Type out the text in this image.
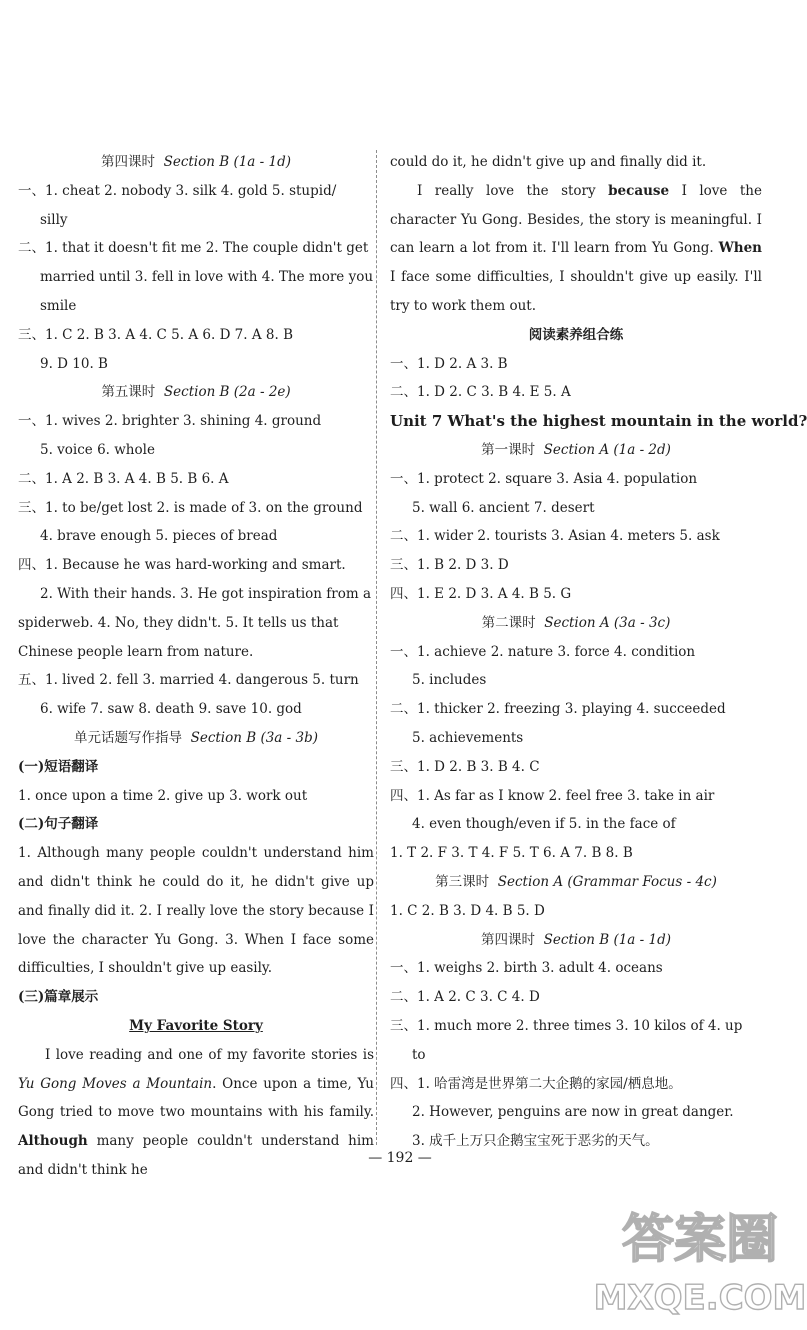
第四课时 Section B (1a - 1d)
一、1. cheat 2. nobody 3. silk 4. gold 5. stupid/
silly
二、1. that it doesn't fit me 2. The couple didn't get
married until 3. fell in love with 4. The more you
smile
三、1. C 2. B 3. A 4. C 5. A 6. D 7. A 8. B
9. D 10. B
第五课时 Section B (2a - 2e)
一、1. wives 2. brighter 3. shining 4. ground
5. voice 6. whole
二、1. A 2. B 3. A 4. B 5. B 6. A
三、1. to be/get lost 2. is made of 3. on the ground
4. brave enough 5. pieces of bread
四、1. Because he was hard-working and smart.
2. With their hands. 3. He got inspiration from a
spiderweb. 4. No, they didn't. 5. It tells us that
Chinese people learn from nature.
五、1. lived 2. fell 3. married 4. dangerous 5. turn
6. wife 7. saw 8. death 9. save 10. god
单元话题写作指导 Section B (3a - 3b)
(一)短语翻译
1. once upon a time 2. give up 3. work out
(二)句子翻译
1. Although many people couldn't understand him and didn't think he could do it, he didn't give up and finally did it. 2. I really love the story because I love the character Yu Gong. 3. When I face some difficulties, I shouldn't give up easily.
(三)篇章展示
My Favorite Story
I love reading and one of my favorite stories is Yu Gong Moves a Mountain. Once upon a time, Yu Gong tried to move two mountains with his family. Although many people couldn't understand him and didn't think he
could do it, he didn't give up and finally did it.
I really love the story because I love the character Yu Gong. Besides, the story is meaningful. I can learn a lot from it. I'll learn from Yu Gong. When I face some difficulties, I shouldn't give up easily. I'll try to work them out.
阅读素养组合练
一、1. D 2. A 3. B
二、1. D 2. C 3. B 4. E 5. A
Unit 7 What's the highest mountain in the world?
第一课时 Section A (1a - 2d)
一、1. protect 2. square 3. Asia 4. population
5. wall 6. ancient 7. desert
二、1. wider 2. tourists 3. Asian 4. meters 5. ask
三、1. B 2. D 3. D
四、1. E 2. D 3. A 4. B 5. G
第二课时 Section A (3a - 3c)
一、1. achieve 2. nature 3. force 4. condition
5. includes
二、1. thicker 2. freezing 3. playing 4. succeeded
5. achievements
三、1. D 2. B 3. B 4. C
四、1. As far as I know 2. feel free 3. take in air
4. even though/even if 5. in the face of
1. T 2. F 3. T 4. F 5. T 6. A 7. B 8. B
第三课时 Section A (Grammar Focus - 4c)
1. C 2. B 3. D 4. B 5. D
第四课时 Section B (1a - 1d)
一、1. weighs 2. birth 3. adult 4. oceans
二、1. A 2. C 3. C 4. D
三、1. much more 2. three times 3. 10 kilos of 4. up
to
四、1. 哈雷湾是世界第二大企鹅的家园/栖息地。
2. However, penguins are now in great danger.
3. 成千上万只企鹅宝宝死于恶劣的天气。
— 192 —
答案圈
MXQE.COM
